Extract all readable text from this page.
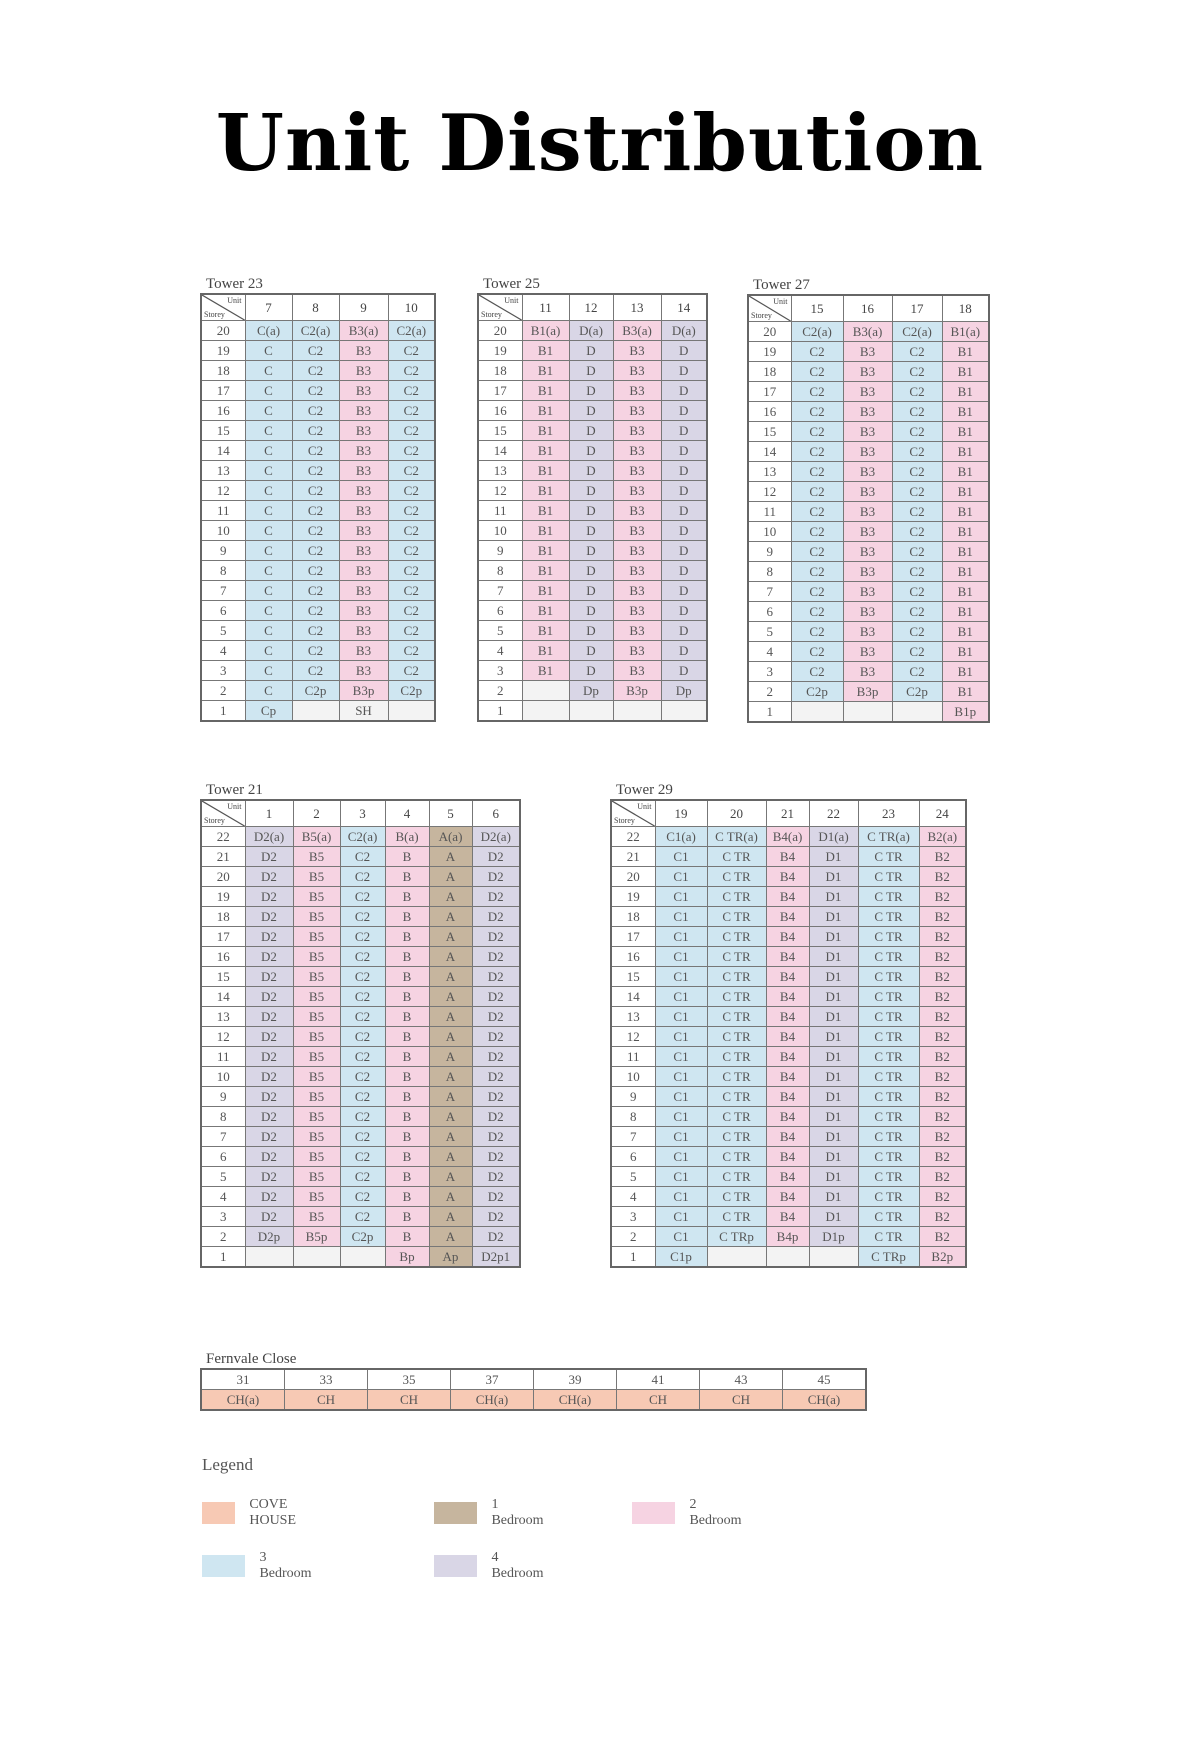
Unit Distribution
Tower 23
Unit
Storey	7	8	9	10
20	C(a)	C2(a)	B3(a)	C2(a)
19	C	C2	B3	C2
18	C	C2	B3	C2
17	C	C2	B3	C2
16	C	C2	B3	C2
15	C	C2	B3	C2
14	C	C2	B3	C2
13	C	C2	B3	C2
12	C	C2	B3	C2
11	C	C2	B3	C2
10	C	C2	B3	C2
9	C	C2	B3	C2
8	C	C2	B3	C2
7	C	C2	B3	C2
6	C	C2	B3	C2
5	C	C2	B3	C2
4	C	C2	B3	C2
3	C	C2	B3	C2
2	C	C2p	B3p	C2p
1	Cp		SH	
Tower 25
Unit
Storey	11	12	13	14
20	B1(a)	D(a)	B3(a)	D(a)
19	B1	D	B3	D
18	B1	D	B3	D
17	B1	D	B3	D
16	B1	D	B3	D
15	B1	D	B3	D
14	B1	D	B3	D
13	B1	D	B3	D
12	B1	D	B3	D
11	B1	D	B3	D
10	B1	D	B3	D
9	B1	D	B3	D
8	B1	D	B3	D
7	B1	D	B3	D
6	B1	D	B3	D
5	B1	D	B3	D
4	B1	D	B3	D
3	B1	D	B3	D
2		Dp	B3p	Dp
1				
Tower 27
Unit
Storey	15	16	17	18
20	C2(a)	B3(a)	C2(a)	B1(a)
19	C2	B3	C2	B1
18	C2	B3	C2	B1
17	C2	B3	C2	B1
16	C2	B3	C2	B1
15	C2	B3	C2	B1
14	C2	B3	C2	B1
13	C2	B3	C2	B1
12	C2	B3	C2	B1
11	C2	B3	C2	B1
10	C2	B3	C2	B1
9	C2	B3	C2	B1
8	C2	B3	C2	B1
7	C2	B3	C2	B1
6	C2	B3	C2	B1
5	C2	B3	C2	B1
4	C2	B3	C2	B1
3	C2	B3	C2	B1
2	C2p	B3p	C2p	B1
1				B1p
Tower 21
Unit
Storey	1	2	3	4	5	6
22	D2(a)	B5(a)	C2(a)	B(a)	A(a)	D2(a)
21	D2	B5	C2	B	A	D2
20	D2	B5	C2	B	A	D2
19	D2	B5	C2	B	A	D2
18	D2	B5	C2	B	A	D2
17	D2	B5	C2	B	A	D2
16	D2	B5	C2	B	A	D2
15	D2	B5	C2	B	A	D2
14	D2	B5	C2	B	A	D2
13	D2	B5	C2	B	A	D2
12	D2	B5	C2	B	A	D2
11	D2	B5	C2	B	A	D2
10	D2	B5	C2	B	A	D2
9	D2	B5	C2	B	A	D2
8	D2	B5	C2	B	A	D2
7	D2	B5	C2	B	A	D2
6	D2	B5	C2	B	A	D2
5	D2	B5	C2	B	A	D2
4	D2	B5	C2	B	A	D2
3	D2	B5	C2	B	A	D2
2	D2p	B5p	C2p	B	A	D2
1				Bp	Ap	D2p1
Tower 29
Unit
Storey	19	20	21	22	23	24
22	C1(a)	C TR(a)	B4(a)	D1(a)	C TR(a)	B2(a)
21	C1	C TR	B4	D1	C TR	B2
20	C1	C TR	B4	D1	C TR	B2
19	C1	C TR	B4	D1	C TR	B2
18	C1	C TR	B4	D1	C TR	B2
17	C1	C TR	B4	D1	C TR	B2
16	C1	C TR	B4	D1	C TR	B2
15	C1	C TR	B4	D1	C TR	B2
14	C1	C TR	B4	D1	C TR	B2
13	C1	C TR	B4	D1	C TR	B2
12	C1	C TR	B4	D1	C TR	B2
11	C1	C TR	B4	D1	C TR	B2
10	C1	C TR	B4	D1	C TR	B2
9	C1	C TR	B4	D1	C TR	B2
8	C1	C TR	B4	D1	C TR	B2
7	C1	C TR	B4	D1	C TR	B2
6	C1	C TR	B4	D1	C TR	B2
5	C1	C TR	B4	D1	C TR	B2
4	C1	C TR	B4	D1	C TR	B2
3	C1	C TR	B4	D1	C TR	B2
2	C1	C TRp	B4p	D1p	C TR	B2
1	C1p				C TRp	B2p
Fernvale Close
31	33	35	37	39	41	43	45
CH(a)	CH	CH	CH(a)	CH(a)	CH	CH	CH(a)
Legend
COVE HOUSE
1 Bedroom
2 Bedroom
3 Bedroom
4 Bedroom
